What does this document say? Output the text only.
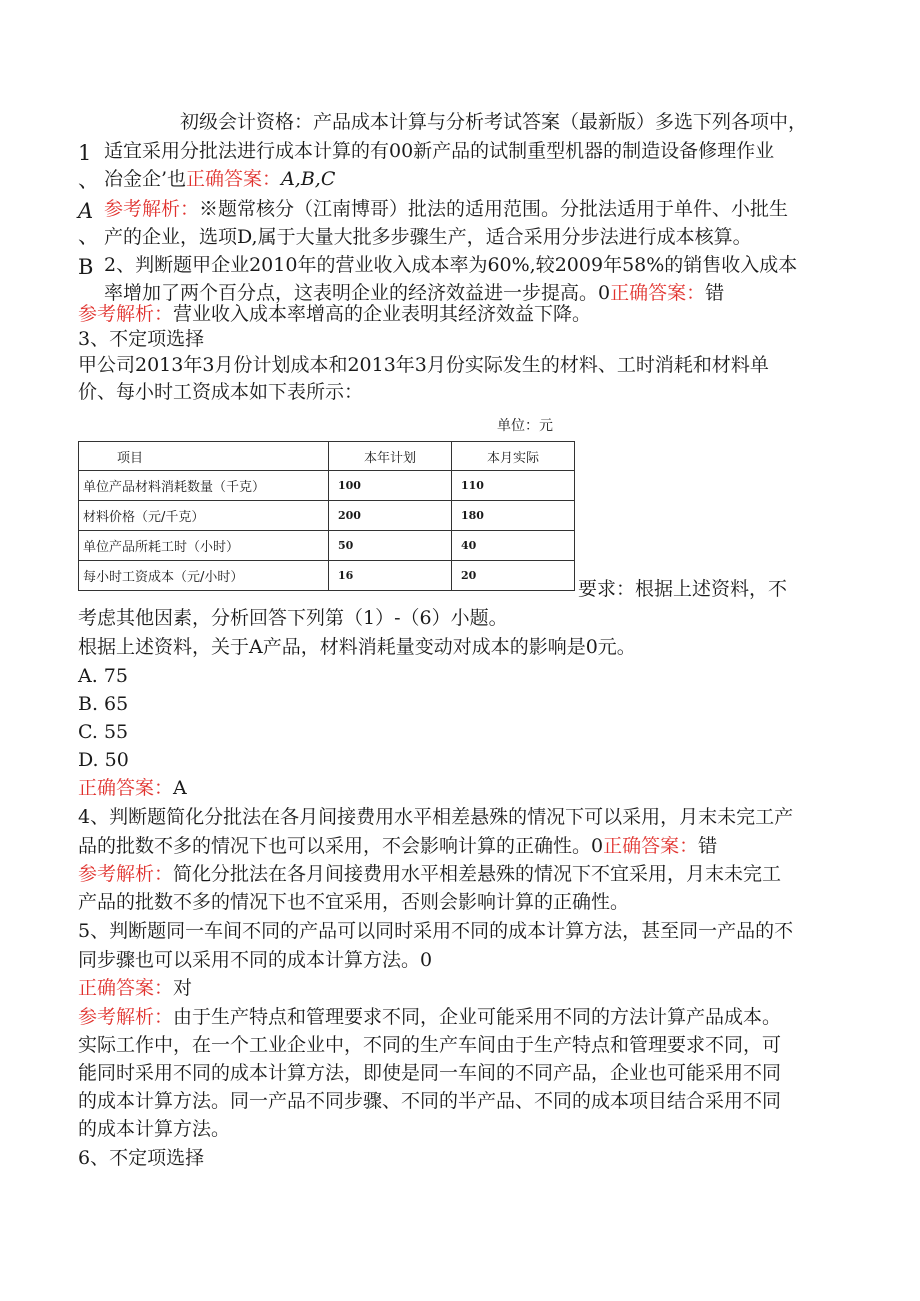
初级会计资格：产品成本计算与分析考试答案（最新版）多选下列各项中，
1
、
A
、
B
适宜采用分批法进行成本计算的有00新产品的试制重型机器的制造设备修理作业
冶金企’也正确答案：A,B,C
参考解析：※题常核分（江南博哥）批法的适用范围。分批法适用于单件、小批生
产的企业，选项D,属于大量大批多步骤生产，适合采用分步法进行成本核算。
2、判断题甲企业2010年的营业收入成本率为60%,较2009年58%的销售收入成本
率增加了两个百分点，这表明企业的经济效益进一步提高。0正确答案：错
参考解析：营业收入成本率增高的企业表明其经济效益下降。
3、不定项选择
甲公司2013年3月份计划成本和2013年3月份实际发生的材料、工时消耗和材料单
价、每小时工资成本如下表所示：
单位：元
项目	本年计划	本月实际
单位产品材料消耗数量（千克）	100	110
材料价格（元/千克）	200	180
单位产品所耗工时（小时）	50	40
每小时工资成本（元/小时）	16	20
要求：根据上述资料，不
考虑其他因素，分析回答下列第（1）-（6）小题。
根据上述资料，关于A产品，材料消耗量变动对成本的影响是0元。
A. 75
B. 65
C. 55
D. 50
正确答案：A
4、判断题简化分批法在各月间接费用水平相差悬殊的情况下可以采用，月末未完工产
品的批数不多的情况下也可以采用，不会影响计算的正确性。0正确答案：错
参考解析：简化分批法在各月间接费用水平相差悬殊的情况下不宜采用，月末未完工
产品的批数不多的情况下也不宜采用，否则会影响计算的正确性。
5、判断题同一车间不同的产品可以同时采用不同的成本计算方法，甚至同一产品的不
同步骤也可以采用不同的成本计算方法。0
正确答案：对
参考解析：由于生产特点和管理要求不同，企业可能采用不同的方法计算产品成本。
实际工作中，在一个工业企业中，不同的生产车间由于生产特点和管理要求不同，可
能同时采用不同的成本计算方法，即使是同一车间的不同产品，企业也可能采用不同
的成本计算方法。同一产品不同步骤、不同的半产品、不同的成本项目结合采用不同
的成本计算方法。
6、不定项选择
